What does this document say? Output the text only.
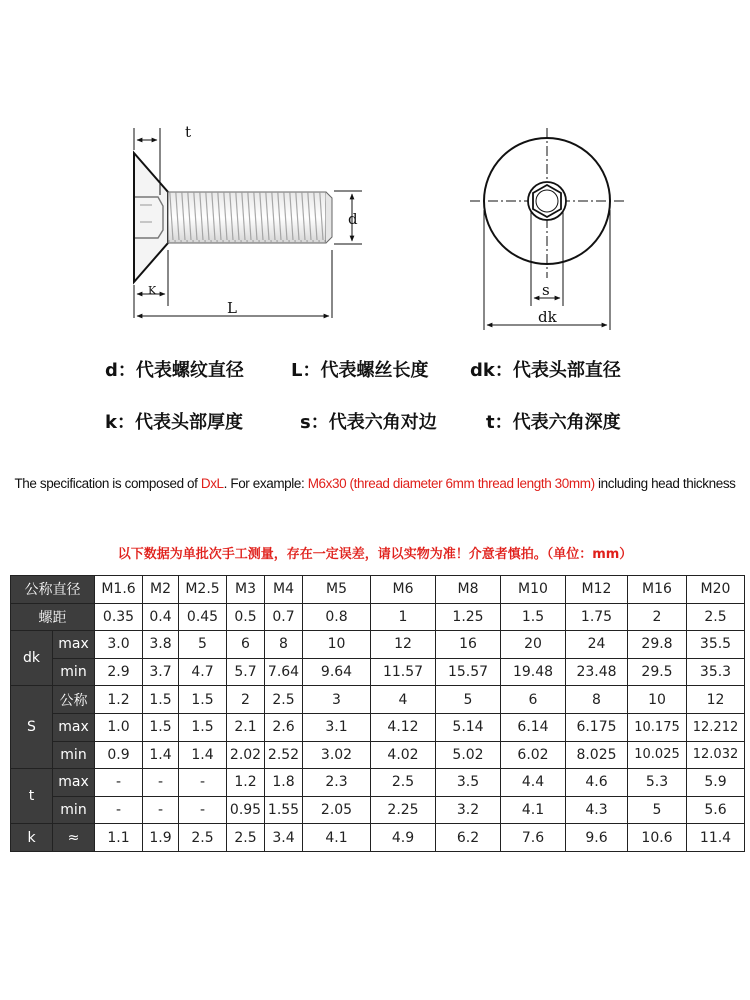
t
d
K
L
s
dk
d：代表螺纹直径	L：代表螺丝长度 dk：代表头部直径
k：代表头部厚度	s：代表六角对边	t：代表六角深度
The specification is composed of DxL. For example: M6x30 (thread diameter 6mm thread length 30mm) including head thickness
以下数据为单批次手工测量，存在一定误差，请以实物为准！介意者慎拍。（单位：mm）
公称直径		M1.6	M2	M2.5	M3	M4	M5	M6	M8	M10	M12	M16	M20
螺距		0.35	0.4	0.45	0.5	0.7	0.8	1	1.25	1.5	1.75	2	2.5
dk	max	3.0	3.8	5	6	8	10	12	16	20	24	29.8	35.5
	min	2.9	3.7	4.7	5.7	7.64	9.64	11.57	15.57	19.48	23.48	29.5	35.3
S	公称	1.2	1.5	1.5	2	2.5	3	4	5	6	8	10	12
	max	1.0	1.5	1.5	2.1	2.6	3.1	4.12	5.14	6.14	6.175	10.175	12.212
	min	0.9	1.4	1.4	2.02	2.52	3.02	4.02	5.02	6.02	8.025	10.025	12.032
t	max	-	-	-	1.2	1.8	2.3	2.5	3.5	4.4	4.6	5.3	5.9
	min	-	-	-	0.95	1.55	2.05	2.25	3.2	4.1	4.3	5	5.6
k	≈	1.1	1.9	2.5	2.5	3.4	4.1	4.9	6.2	7.6	9.6	10.6	11.4
